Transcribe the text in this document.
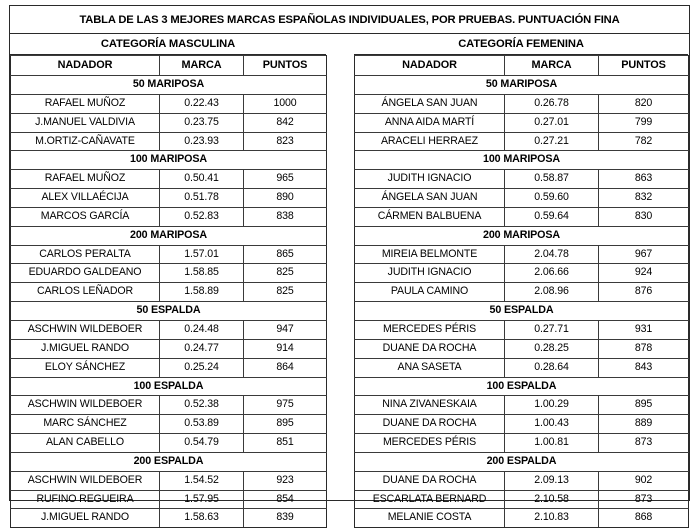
TABLA DE LAS 3 MEJORES MARCAS ESPAÑOLAS INDIVIDUALES, POR PRUEBAS. PUNTUACIÓN FINA
CATEGORÍA MASCULINA
NADADOR	MARCA	PUNTOS
50 MARIPOSA		
RAFAEL MUÑOZ	0.22.43	1000
J.MANUEL VALDIVIA	0.23.75	842
M.ORTIZ-CAÑAVATE	0.23.93	823
100 MARIPOSA		
RAFAEL MUÑOZ	0.50.41	965
ALEX VILLAÉCIJA	0.51.78	890
MARCOS GARCÍA	0.52.83	838
200 MARIPOSA		
CARLOS PERALTA	1.57.01	865
EDUARDO GALDEANO	1.58.85	825
CARLOS LEÑADOR	1.58.89	825
50 ESPALDA		
ASCHWIN WILDEBOER	0.24.48	947
J.MIGUEL RANDO	0.24.77	914
ELOY SÁNCHEZ	0.25.24	864
100 ESPALDA		
ASCHWIN WILDEBOER	0.52.38	975
MARC SÁNCHEZ	0.53.89	895
ALAN CABELLO	0.54.79	851
200 ESPALDA		
ASCHWIN WILDEBOER	1.54.52	923
RUFINO REGUEIRA	1.57.95	854
J.MIGUEL RANDO	1.58.63	839
CATEGORÍA FEMENINA
NADADOR	MARCA	PUNTOS
50 MARIPOSA		
ÁNGELA SAN JUAN	0.26.78	820
ANNA AIDA MARTÍ	0.27.01	799
ARACELI HERRAEZ	0.27.21	782
100 MARIPOSA		
JUDITH IGNACIO	0.58.87	863
ÁNGELA SAN JUAN	0.59.60	832
CÁRMEN BALBUENA	0.59.64	830
200 MARIPOSA		
MIREIA BELMONTE	2.04.78	967
JUDITH IGNACIO	2.06.66	924
PAULA CAMINO	2.08.96	876
50 ESPALDA		
MERCEDES PÉRIS	0.27.71	931
DUANE DA ROCHA	0.28.25	878
ANA SASETA	0.28.64	843
100 ESPALDA		
NINA ZIVANESKAIA	1.00.29	895
DUANE DA ROCHA	1.00.43	889
MERCEDES PÉRIS	1.00.81	873
200 ESPALDA		
DUANE DA ROCHA	2.09.13	902
ESCARLATA BERNARD	2.10.58	873
MELANIE COSTA	2.10.83	868
